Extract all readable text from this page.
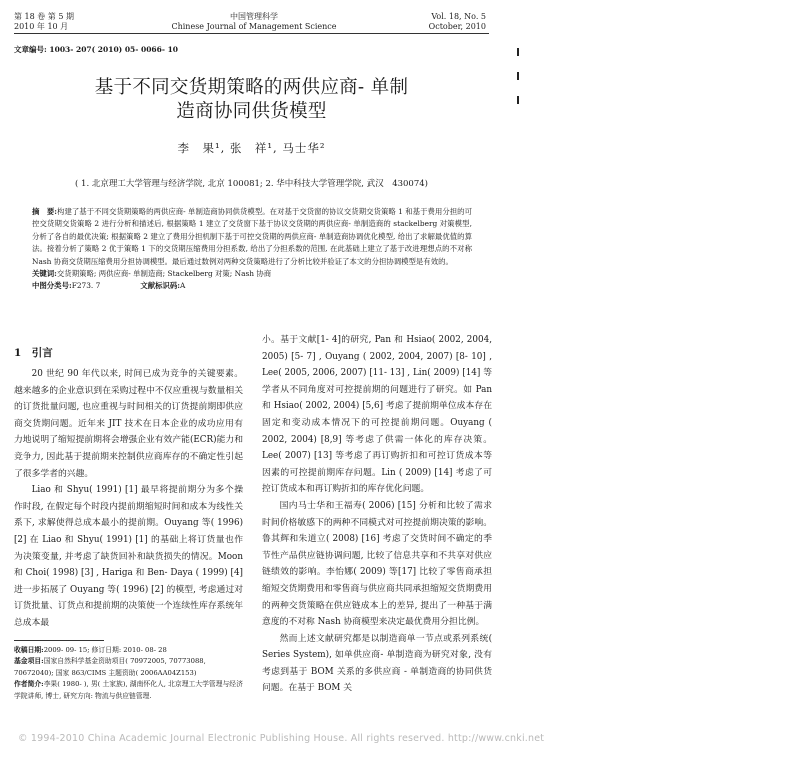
第 18 卷 第 5 期
2010 年 10 月
中国管理科学
Chinese Journal of Management Science
Vol. 18, No. 5
October, 2010
文章编号: 1003- 207( 2010) 05- 0066- 10
基于不同交货期策略的两供应商- 单制
造商协同供货模型
李　果¹, 张　祥¹, 马士华²
( 1. 北京理工大学管理与经济学院, 北京 100081; 2. 华中科技大学管理学院, 武汉　430074)
摘　要:构建了基于不同交货期策略的两供应商- 单制造商协同供货模型。在对基于交货窗的协议交货期交货策略 1 和基于费用分担的可控交货期交货策略 2 进行分析和描述后, 根据策略 1 建立了交货窗下基于协议交货期的两供应商- 单制造商的 stackelberg 对策模型, 分析了各自的最优决策; 根据策略 2 建立了费用分担机制下基于可控交货期的两供应商- 单制造商协调优化模型, 给出了求解最优值的算法。接着分析了策略 2 优于策略 1 下的交货期压缩费用分担系数, 给出了分担系数的范围, 在此基础上建立了基于改进理想点的不对称 Nash 协商交货期压缩费用分担协调模型。最后通过数例对两种交货策略进行了分析比较并验证了本文的分担协调模型是有效的。
关键词:交货期策略; 两供应商- 单制造商; Stackelberg 对策; Nash 协商
中图分类号:F273. 7	文献标识码:A
1　引言

20 世纪 90 年代以来, 时间已成为竞争的关键要素。越来越多的企业意识到在采购过程中不仅应重视与数量相关的订货批量问题, 也应重视与时间相关的订货提前期即供应商交货期问题。近年来 JIT 技术在日本企业的成功应用有力地说明了缩短提前期将会增强企业有效产能(ECR)能力和竞争力, 因此基于提前期来控制供应商库存的不确定性引起了很多学者的兴趣。

Liao 和 Shyu( 1991) [1] 最早将提前期分为多个操作时段, 在假定每个时段内提前期缩短时间和成本为线性关系下, 求解使得总成本最小的提前期。Ouyang 等( 1996) [2] 在 Liao 和 Shyu( 1991) [1] 的基础上将订货量也作为决策变量, 并考虑了缺货回补和缺货损失的情况。Moon 和 Choi( 1998) [3] , Hariga 和 Ben- Daya ( 1999) [4] 进一步拓展了 Ouyang 等( 1996) [2] 的模型, 考虑通过对订货批量、订货点和提前期的决策使一个连续性库存系统年总成本最

收稿日期:2009- 09- 15; 修订日期: 2010- 08- 28
基金项目:国家自然科学基金资助项目( 70972005, 70773088, 70672040); 国家 863/CIMS 主题资助( 2006AA04Z153)
作者简介:李果( 1980- ), 男( 土家族), 湖南怀化人, 北京理工大学管理与经济学院讲师, 博士, 研究方向: 物流与供应链管理.

小。基于文献[1- 4]的研究, Pan 和 Hsiao( 2002, 2004, 2005) [5- 7] , Ouyang ( 2002, 2004, 2007) [8- 10] , Lee( 2005, 2006, 2007) [11- 13] , Lin( 2009) [14] 等学者从不同角度对可控提前期的问题进行了研究。如 Pan 和 Hsiao( 2002, 2004) [5,6] 考虑了提前期单位成本存在固定和变动成本情况下的可控提前期问题。Ouyang ( 2002, 2004) [8,9] 等考虑了供需一体化的库存决策。Lee( 2007) [13] 等考虑了再订购折扣和可控订货成本等因素的可控提前期库存问题。Lin ( 2009) [14] 考虑了可控订货成本和再订购折扣的库存优化问题。

国内马士华和王福寿( 2006) [15] 分析和比较了需求时间价格敏感下的两种不同模式对可控提前期决策的影响。鲁其辉和朱道立( 2008) [16] 考虑了交货时间不确定的季节性产品供应链协调问题, 比较了信息共享和不共享对供应链绩效的影响。李怡娜( 2009) 等[17] 比较了零售商承担缩短交货期费用和零售商与供应商共同承担缩短交货期费用的两种交货策略在供应链成本上的差异, 提出了一种基于满意度的不对称 Nash 协商模型来决定最优费用分担比例。

然而上述文献研究都是以制造商单一节点或系列系统( Series System), 如单供应商- 单制造商为研究对象, 没有考虑到基于 BOM 关系的多供应商 - 单制造商的协同供货问题。在基于 BOM 关

© 1994-2010 China Academic Journal Electronic Publishing House. All rights reserved. http://www.cnki.net
